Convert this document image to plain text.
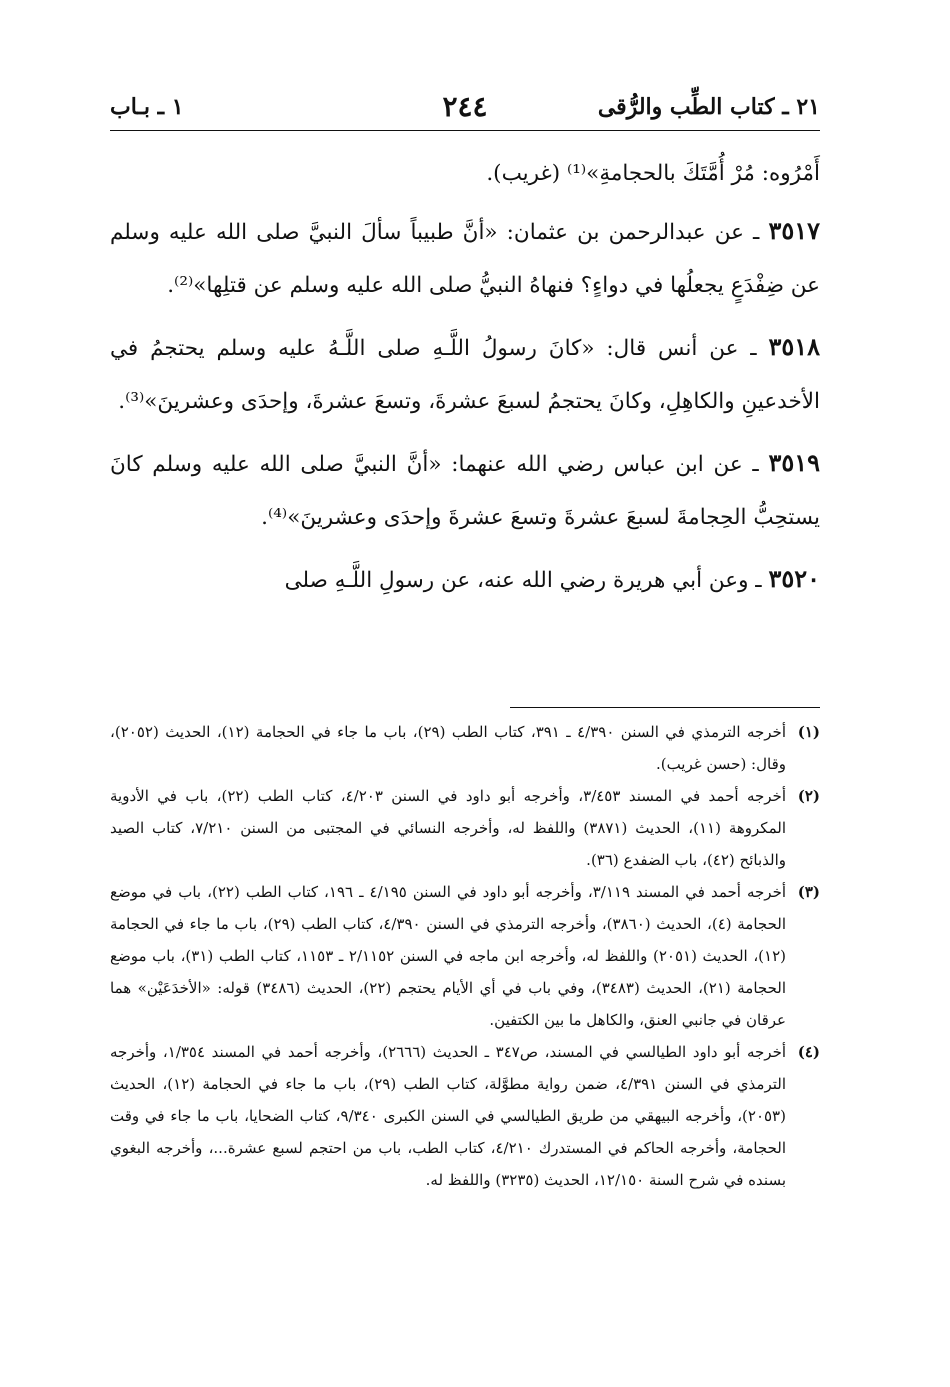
٢١ ـ كتاب الطِّب والرُّقى
٢٤٤
١ ـ بـاب

أَمْرُوه: مُرْ أُمَّتَكَ بالحجامةِ»⁽¹⁾ (غريب).

٣٥١٧ ـ عن عبدالرحمن بن عثمان: «أنَّ طبيباً سألَ النبيَّ صلى الله عليه وسلم عن ضِفْدَعٍ يجعلُها في دواءٍ؟ فنهاهُ النبيُّ صلى الله عليه وسلم عن قتلِها»⁽²⁾.

٣٥١٨ ـ عن أنس قال: «كانَ رسولُ اللَّـهِ صلى اللَّـهُ عليه وسلم يحتجمُ في الأخدعينِ والكاهِلِ، وكانَ يحتجمُ لسبعَ عشرةَ، وتسعَ عشرةَ، وإحدَى وعشرينَ»⁽³⁾.

٣٥١٩ ـ عن ابن عباس رضي الله عنهما: «أنَّ النبيَّ صلى الله عليه وسلم كانَ يستحِبُّ الحِجامةَ لسبعَ عشرةَ وتسعَ عشرةَ وإحدَى وعشرينَ»⁽⁴⁾.

٣٥٢٠ ـ وعن أبي هريرة رضي الله عنه، عن رسولِ اللَّـهِ صلى

(١)
أخرجه الترمذي في السنن ٤/٣٩٠ ـ ٣٩١، كتاب الطب (٢٩)، باب ما جاء في الحجامة (١٢)، الحديث (٢٠٥٢)، وقال: (حسن غريب).
(٢)
أخرجه أحمد في المسند ٣/٤٥٣، وأخرجه أبو داود في السنن ٤/٢٠٣، كتاب الطب (٢٢)، باب في الأدوية المكروهة (١١)، الحديث (٣٨٧١) واللفظ له، وأخرجه النسائي في المجتبى من السنن ٧/٢١٠، كتاب الصيد والذبائح (٤٢)، باب الضفدع (٣٦).
(٣)
أخرجه أحمد في المسند ٣/١١٩، وأخرجه أبو داود في السنن ٤/١٩٥ ـ ١٩٦، كتاب الطب (٢٢)، باب في موضع الحجامة (٤)، الحديث (٣٨٦٠)، وأخرجه الترمذي في السنن ٤/٣٩٠، كتاب الطب (٢٩)، باب ما جاء في الحجامة (١٢)، الحديث (٢٠٥١) واللفظ له، وأخرجه ابن ماجه في السنن ٢/١١٥٢ ـ ١١٥٣، كتاب الطب (٣١)، باب موضع الحجامة (٢١)، الحديث (٣٤٨٣)، وفي باب في أي الأيام يحتجم (٢٢)، الحديث (٣٤٨٦) قوله: «الأخدَعَيْن» هما عرقان في جانبي العنق، والكاهل ما بين الكتفين.
(٤)
أخرجه أبو داود الطيالسي في المسند، ص٣٤٧ ـ الحديث (٢٦٦٦)، وأخرجه أحمد في المسند ١/٣٥٤، وأخرجه الترمذي في السنن ٤/٣٩١، ضمن رواية مطوَّلة، كتاب الطب (٢٩)، باب ما جاء في الحجامة (١٢)، الحديث (٢٠٥٣)، وأخرجه البيهقي من طريق الطيالسي في السنن الكبرى ٩/٣٤٠، كتاب الضحايا، باب ما جاء في وقت الحجامة، وأخرجه الحاكم في المستدرك ٤/٢١٠، كتاب الطب، باب من احتجم لسبع عشرة...، وأخرجه البغوي بسنده في شرح السنة ١٢/١٥٠، الحديث (٣٢٣٥) واللفظ له.
